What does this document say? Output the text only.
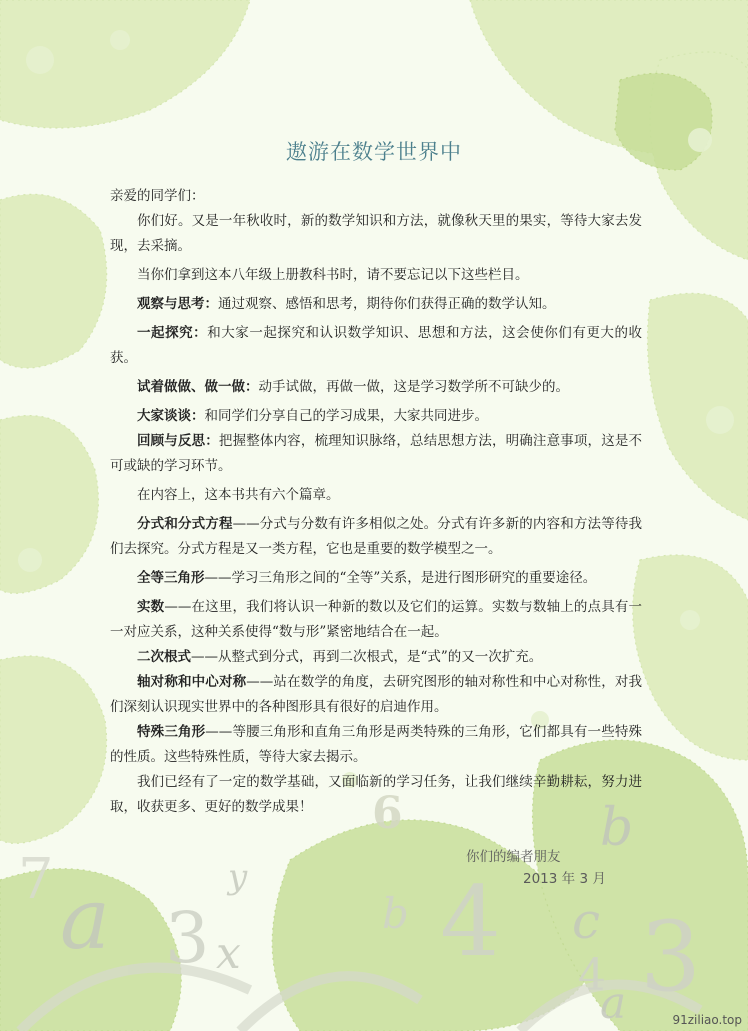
6	b
7 a 3
y
x
b 4 c
4
a 3
遨游在数学世界中

亲爱的同学们：

你们好。又是一年秋收时，新的数学知识和方法，就像秋天里的果实，等待大家去发现，去采摘。

当你们拿到这本八年级上册教科书时，请不要忘记以下这些栏目。

观察与思考：通过观察、感悟和思考，期待你们获得正确的数学认知。

一起探究：和大家一起探究和认识数学知识、思想和方法，这会使你们有更大的收获。

试着做做、做一做：动手试做，再做一做，这是学习数学所不可缺少的。

大家谈谈：和同学们分享自己的学习成果，大家共同进步。

回顾与反思：把握整体内容，梳理知识脉络，总结思想方法，明确注意事项，这是不可或缺的学习环节。

在内容上，这本书共有六个篇章。

分式和分式方程——分式与分数有许多相似之处。分式有许多新的内容和方法等待我们去探究。分式方程是又一类方程，它也是重要的数学模型之一。

全等三角形——学习三角形之间的“全等”关系，是进行图形研究的重要途径。

实数——在这里，我们将认识一种新的数以及它们的运算。实数与数轴上的点具有一一对应关系，这种关系使得“数与形”紧密地结合在一起。

二次根式——从整式到分式，再到二次根式，是“式”的又一次扩充。

轴对称和中心对称——站在数学的角度，去研究图形的轴对称性和中心对称性，对我们深刻认识现实世界中的各种图形具有很好的启迪作用。

特殊三角形——等腰三角形和直角三角形是两类特殊的三角形，它们都具有一些特殊的性质。这些特殊性质，等待大家去揭示。

我们已经有了一定的数学基础，又面临新的学习任务，让我们继续辛勤耕耘，努力进取，收获更多、更好的数学成果！

你们的编者朋友
2013 年 3 月
91ziliao.top
